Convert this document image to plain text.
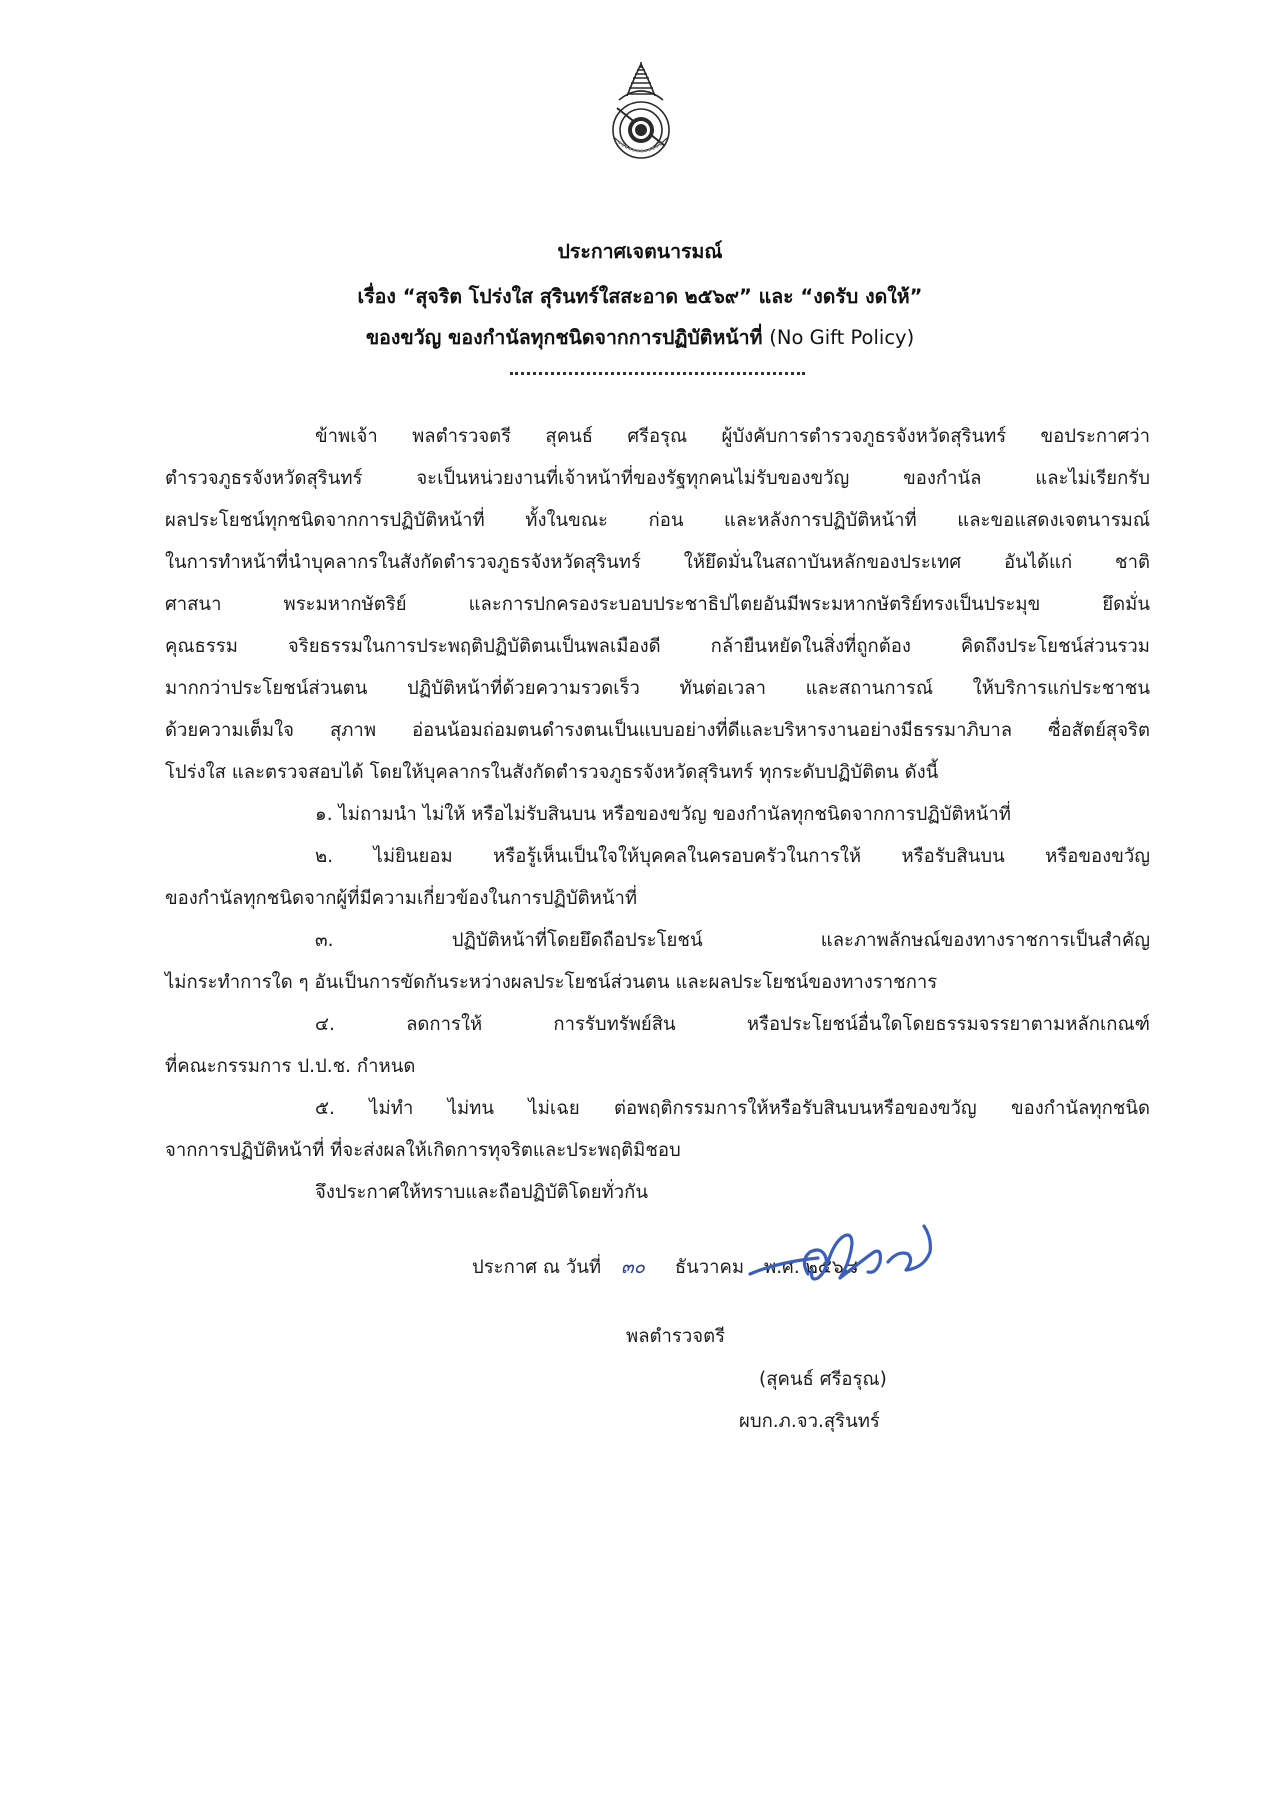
ประกาศเจตนารมณ์
เรื่อง “สุจริต โปร่งใส สุรินทร์ใสสะอาด ๒๕๖๙” และ “งดรับ งดให้”
ของขวัญ ของกำนัลทุกชนิดจากการปฏิบัติหน้าที่ (No Gift Policy)
ข้าพเจ้า พลตำรวจตรี สุคนธ์ ศรีอรุณ ผู้บังคับการตำรวจภูธรจังหวัดสุรินทร์ ขอประกาศว่า
ตำรวจภูธรจังหวัดสุรินทร์ จะเป็นหน่วยงานที่เจ้าหน้าที่ของรัฐทุกคนไม่รับของขวัญ ของกำนัล และไม่เรียกรับ
ผลประโยชน์ทุกชนิดจากการปฏิบัติหน้าที่ ทั้งในขณะ ก่อน และหลังการปฏิบัติหน้าที่ และขอแสดงเจตนารมณ์
ในการทำหน้าที่นำบุคลากรในสังกัดตำรวจภูธรจังหวัดสุรินทร์ ให้ยึดมั่นในสถาบันหลักของประเทศ อันได้แก่ ชาติ
ศาสนา พระมหากษัตริย์ และการปกครองระบอบประชาธิปไตยอันมีพระมหากษัตริย์ทรงเป็นประมุข ยึดมั่น
คุณธรรม จริยธรรมในการประพฤติปฏิบัติตนเป็นพลเมืองดี กล้ายืนหยัดในสิ่งที่ถูกต้อง คิดถึงประโยชน์ส่วนรวม
มากกว่าประโยชน์ส่วนตน ปฏิบัติหน้าที่ด้วยความรวดเร็ว ทันต่อเวลา และสถานการณ์ ให้บริการแก่ประชาชน
ด้วยความเต็มใจ สุภาพ อ่อนน้อมถ่อมตนดำรงตนเป็นแบบอย่างที่ดีและบริหารงานอย่างมีธรรมาภิบาล ซื่อสัตย์สุจริต
โปร่งใส และตรวจสอบได้ โดยให้บุคลากรในสังกัดตำรวจภูธรจังหวัดสุรินทร์ ทุกระดับปฏิบัติตน ดังนี้
๑. ไม่ถามนำ ไม่ให้ หรือไม่รับสินบน หรือของขวัญ ของกำนัลทุกชนิดจากการปฏิบัติหน้าที่
๒. ไม่ยินยอม หรือรู้เห็นเป็นใจให้บุคคลในครอบครัวในการให้ หรือรับสินบน หรือของขวัญ
ของกำนัลทุกชนิดจากผู้ที่มีความเกี่ยวข้องในการปฏิบัติหน้าที่
๓. ปฏิบัติหน้าที่โดยยึดถือประโยชน์ และภาพลักษณ์ของทางราชการเป็นสำคัญ
ไม่กระทำการใด ๆ อันเป็นการขัดกันระหว่างผลประโยชน์ส่วนตน และผลประโยชน์ของทางราชการ
๔. ลดการให้ การรับทรัพย์สิน หรือประโยชน์อื่นใดโดยธรรมจรรยาตามหลักเกณฑ์
ที่คณะกรรมการ ป.ป.ช. กำหนด
๕. ไม่ทำ ไม่ทน ไม่เฉย ต่อพฤติกรรมการให้หรือรับสินบนหรือของขวัญ ของกำนัลทุกชนิด
จากการปฏิบัติหน้าที่ ที่จะส่งผลให้เกิดการทุจริตและประพฤติมิชอบ
จึงประกาศให้ทราบและถือปฏิบัติโดยทั่วกัน
ประกาศ ณ วันที่ ๓๐ ธันวาคม พ.ศ. ๒๕๖๘
พลตำรวจตรี
(สุคนธ์ ศรีอรุณ)
ผบก.ภ.จว.สุรินทร์
